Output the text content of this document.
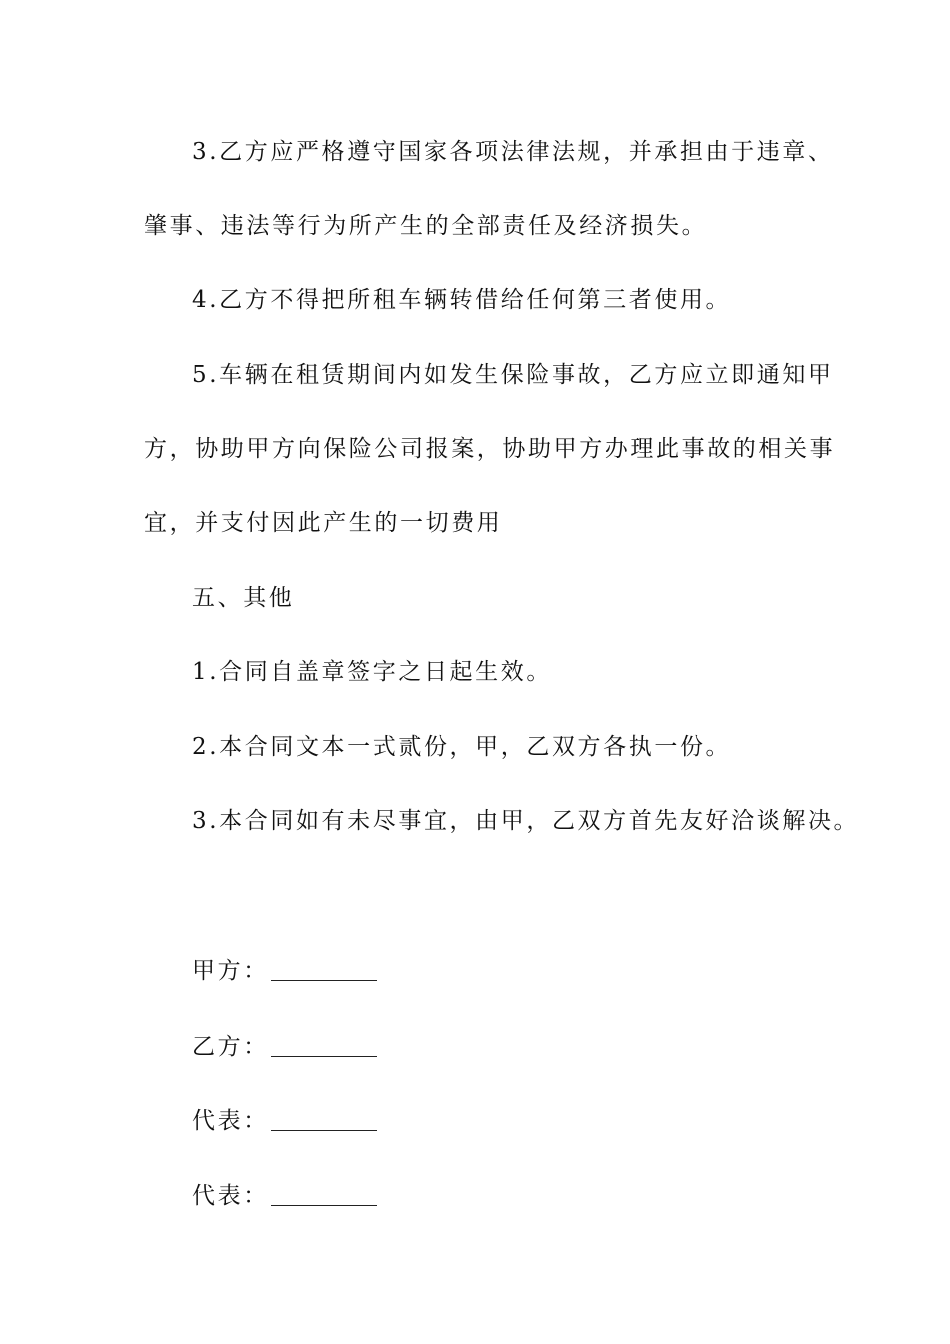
3.乙方应严格遵守国家各项法律法规，并承担由于违章、
肇事、违法等行为所产生的全部责任及经济损失。
4.乙方不得把所租车辆转借给任何第三者使用。
5.车辆在租赁期间内如发生保险事故，乙方应立即通知甲
方，协助甲方向保险公司报案，协助甲方办理此事故的相关事
宜，并支付因此产生的一切费用
五、其他
1.合同自盖章签字之日起生效。
2.本合同文本一式贰份，甲，乙双方各执一份。
3.本合同如有未尽事宜，由甲，乙双方首先友好洽谈解决。
甲方：
乙方：
代表：
代表：
